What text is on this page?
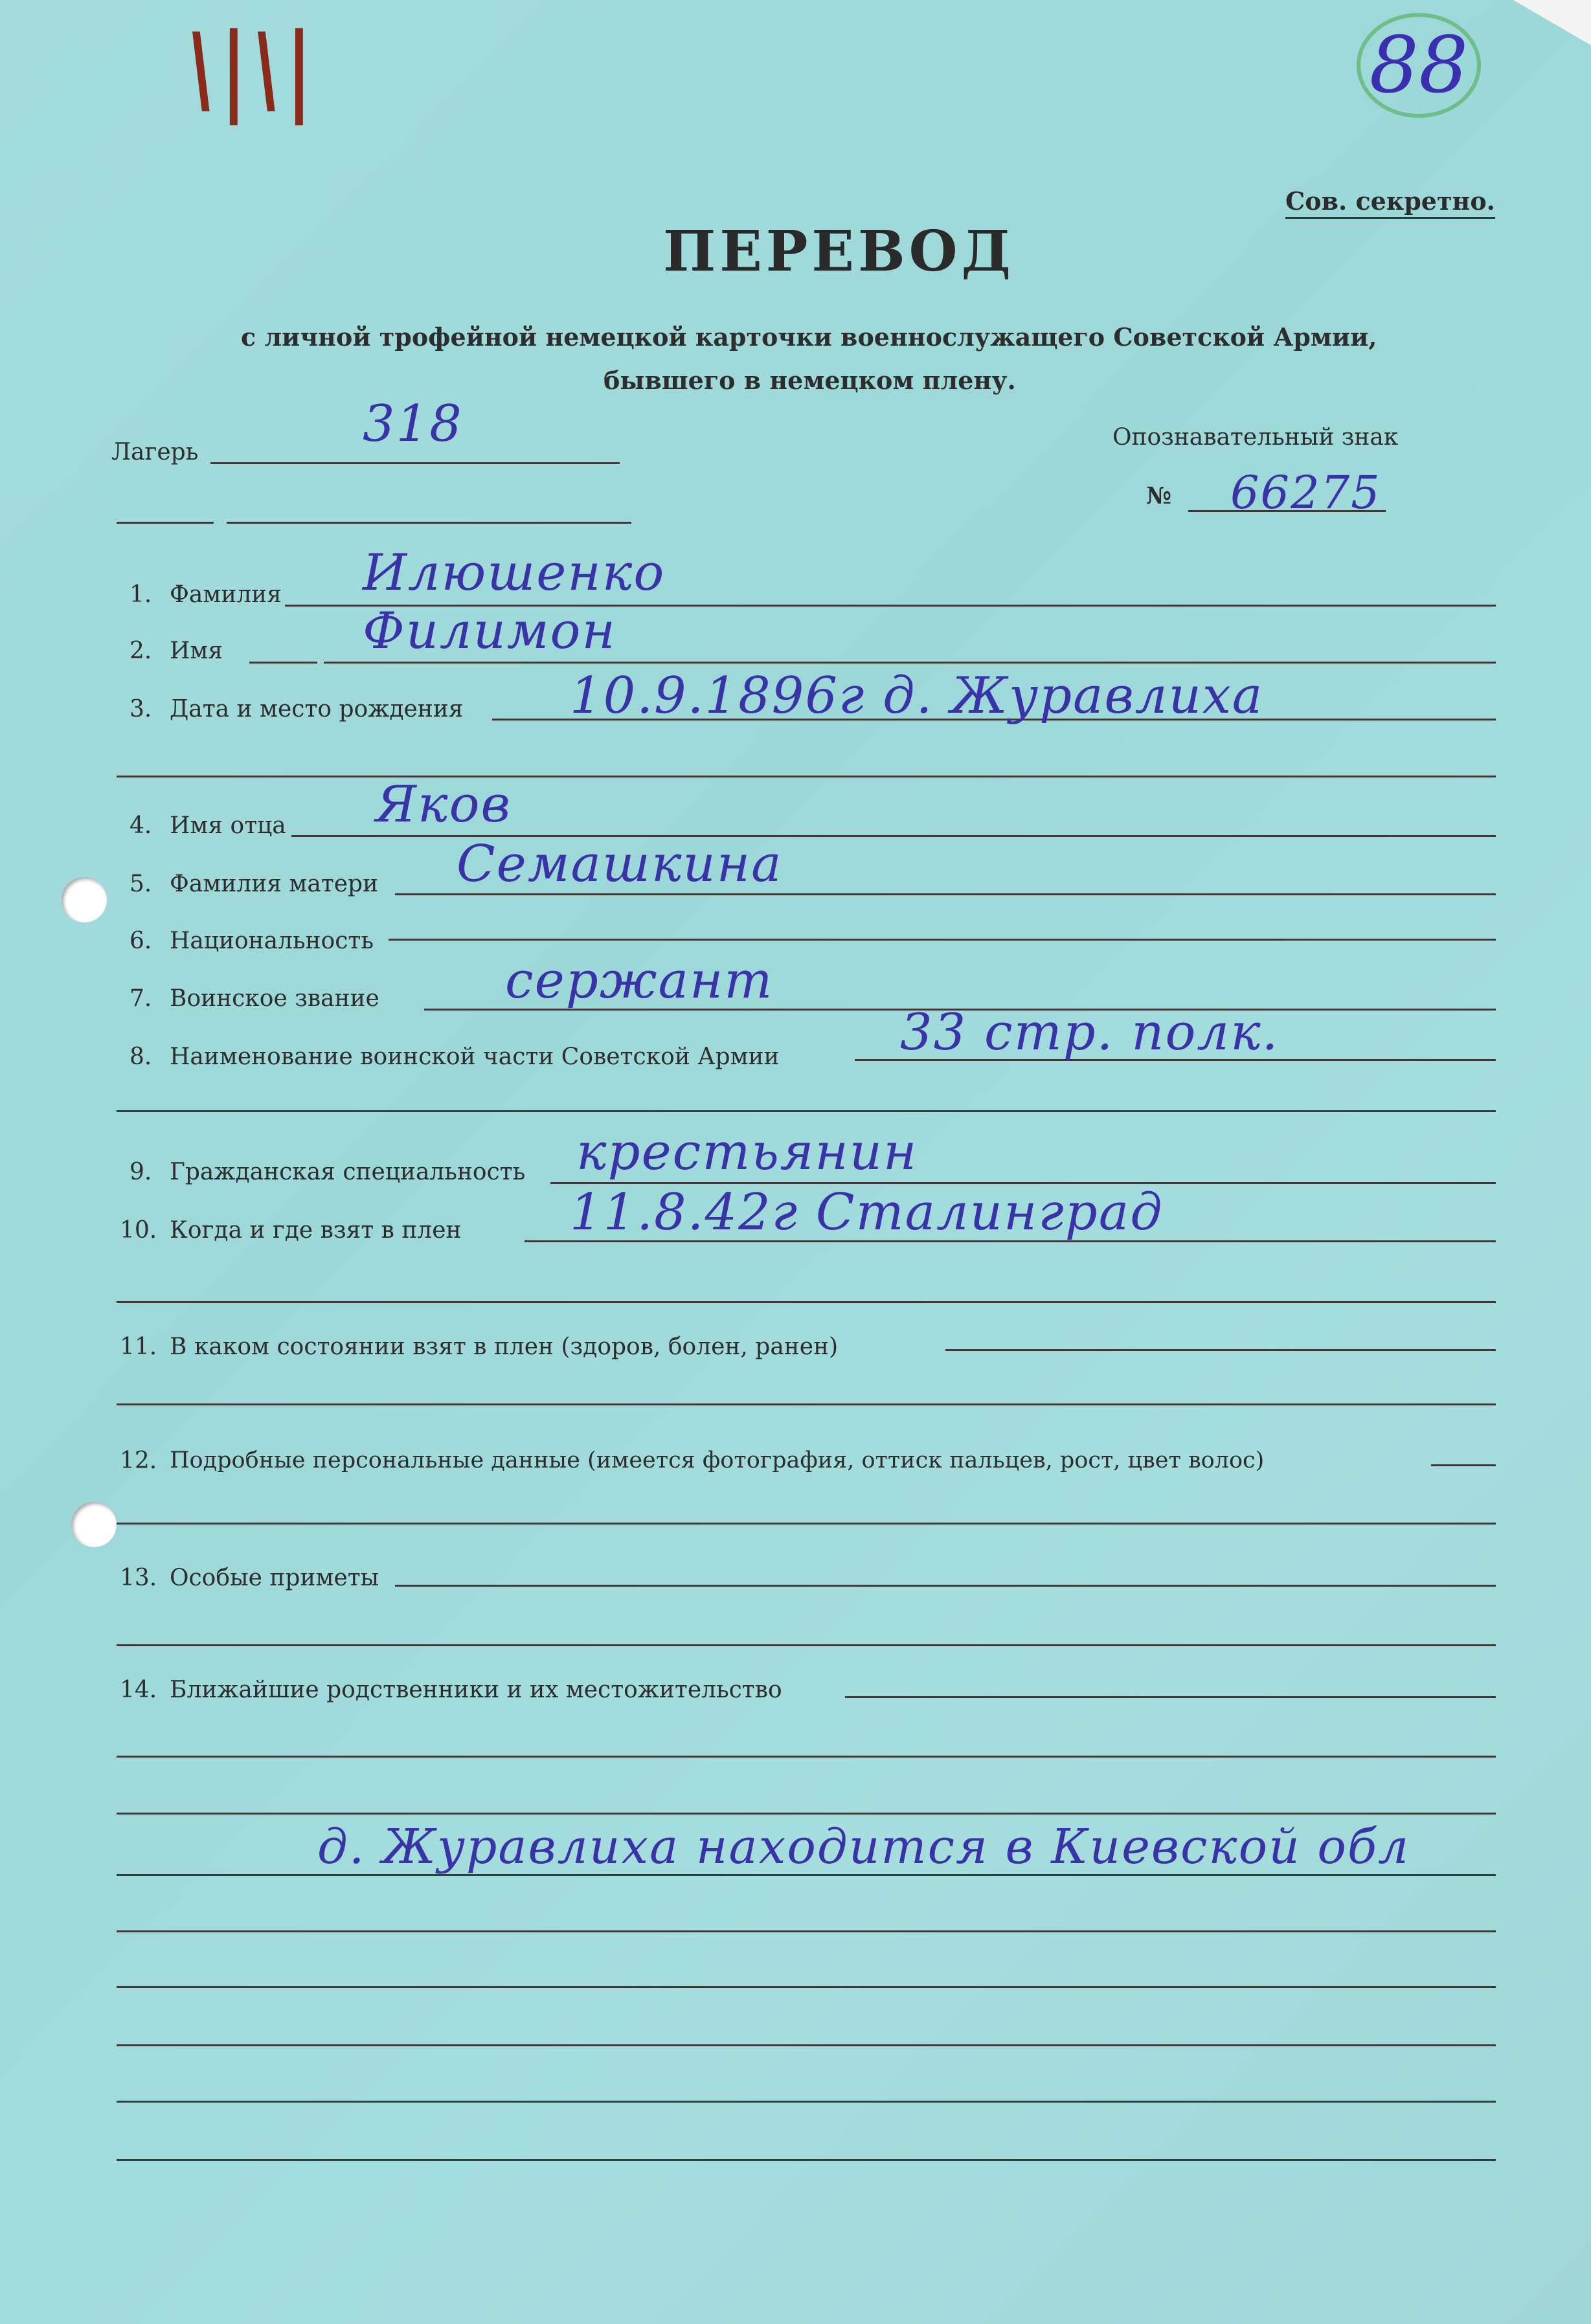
\|\|	88
Сов. секретно.
ПЕРЕВОД
с личной трофейной немецкой карточки военнослужащего Советской Армии,
бывшего в немецком плену.
Лагерь	318	Опознавательный знак
№ 66275
1. Фамилия Илюшенко
2. Имя	Филимон
3. Дата и место рождения 10.9.1896г д. Журавлиха
4. Имя отца Яков
5. Фамилия матери Семашкина
6. Национальность
7. Воинское звание сержант
8. Наименование воинской части Советской Армии 33 стр. полк.
9. Гражданская специальность крестьянин
10. Когда и где взят в плен 11.8.42г Сталинград
11. В каком состоянии взят в плен (здоров, болен, ранен)
12. Подробные персональные данные (имеется фотография, оттиск пальцев, рост, цвет волос)
13. Особые приметы
14. Ближайшие родственники и их местожительство
д. Журавлиха находится в Киевской обл
